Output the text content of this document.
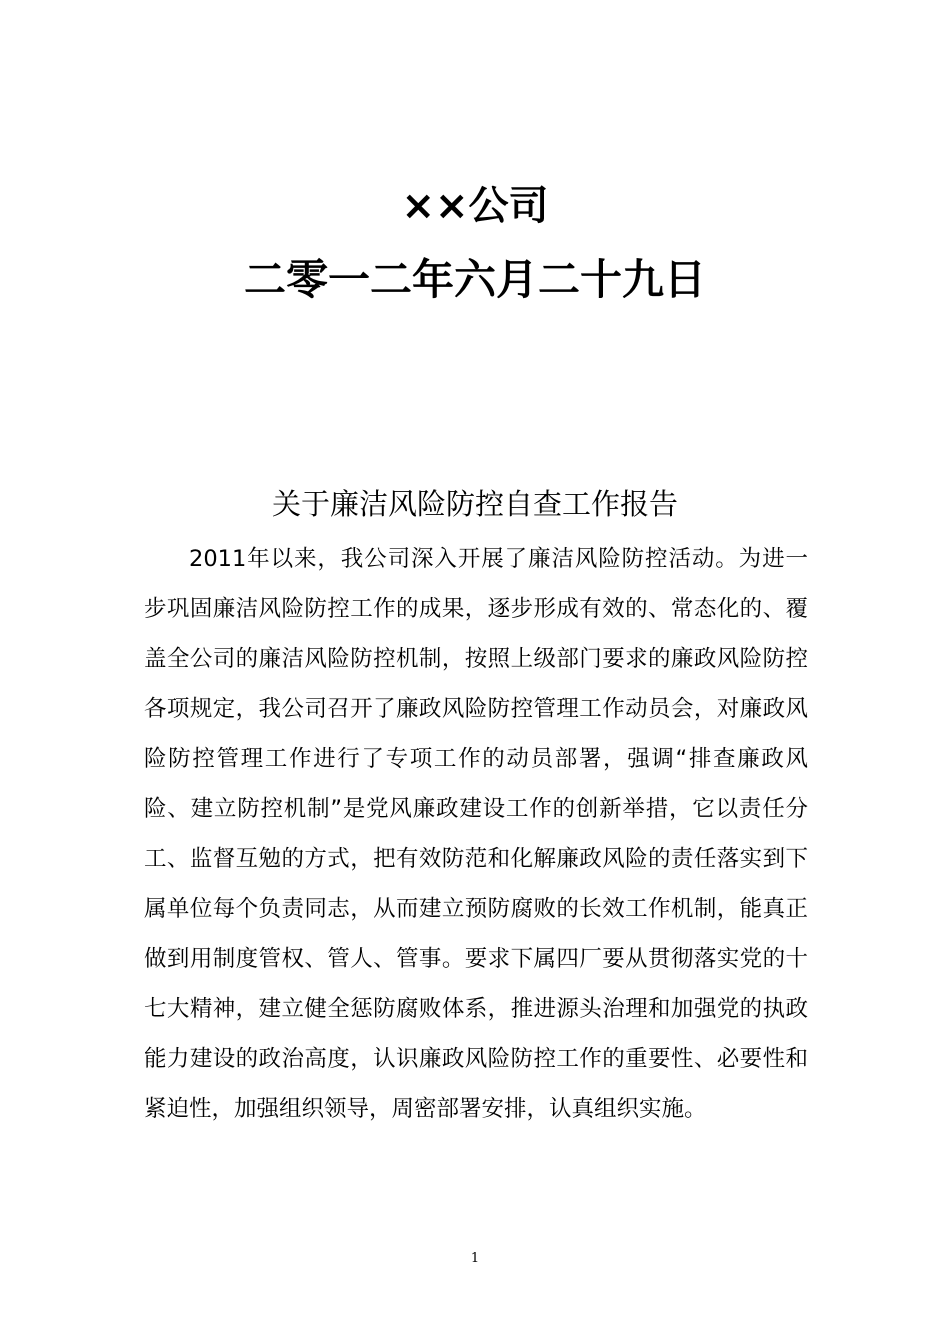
××公司
二零一二年六月二十九日
关于廉洁风险防控自查工作报告

2011年以来，我公司深入开展了廉洁风险防控活动。为进一步巩固廉洁风险防控工作的成果，逐步形成有效的、常态化的、覆盖全公司的廉洁风险防控机制，按照上级部门要求的廉政风险防控各项规定，我公司召开了廉政风险防控管理工作动员会，对廉政风险防控管理工作进行了专项工作的动员部署，强调“排查廉政风险、建立防控机制”是党风廉政建设工作的创新举措，它以责任分工、监督互勉的方式，把有效防范和化解廉政风险的责任落实到下属单位每个负责同志，从而建立预防腐败的长效工作机制，能真正做到用制度管权、管人、管事。要求下属四厂要从贯彻落实党的十七大精神，建立健全惩防腐败体系，推进源头治理和加强党的执政能力建设的政治高度，认识廉政风险防控工作的重要性、必要性和紧迫性，加强组织领导，周密部署安排，认真组织实施。

1
